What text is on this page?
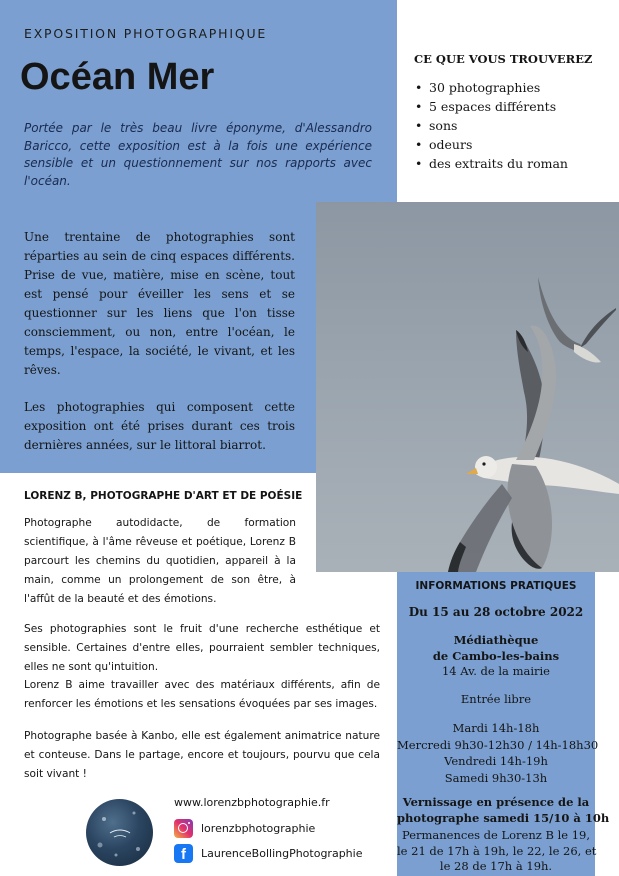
EXPOSITION PHOTOGRAPHIQUE

Océan Mer

Portée par le très beau livre éponyme, d'Alessandro Baricco, cette exposition est à la fois une expérience sensible et un questionnement sur nos rapports avec l'océan.

Une trentaine de photographies sont réparties au sein de cinq espaces différents. Prise de vue, matière, mise en scène, tout est pensé pour éveiller les sens et se questionner sur les liens que l'on tisse consciemment, ou non, entre l'océan, le temps, l'espace, la société, le vivant, et les rêves.

Les photographies qui composent cette exposition ont été prises durant ces trois dernières années, sur le littoral biarrot.

CE QUE VOUS TROUVEREZ
• 30 photographies
• 5 espaces différents
• sons
• odeurs
• des extraits du roman
LORENZ B, PHOTOGRAPHE D'ART ET DE POÉSIE

Photographe autodidacte, de formation scientifique, à l'âme rêveuse et poétique, Lorenz B parcourt les chemins du quotidien, appareil à la main, comme un prolongement de son être, à l'affût de la beauté et des émotions.

Ses photographies sont le fruit d'une recherche esthétique et sensible. Certaines d'entre elles, pourraient sembler techniques, elles ne sont qu'intuition.

Lorenz B aime travailler avec des matériaux différents, afin de renforcer les émotions et les sensations évoquées par ses images.

Photographe basée à Kanbo, elle est également animatrice nature et conteuse. Dans le partage, encore et toujours, pourvu que cela soit vivant !

www.lorenzbphotographie.fr
lorenzbphotographie
f	LaurenceBollingPhotographie

INFORMATIONS PRATIQUES

Du 15 au 28 octobre 2022

Médiathèque
de Cambo-les-bains
14 Av. de la mairie

Entrée libre

Mardi 14h-18h
Mercredi 9h30-12h30 / 14h-18h30
Vendredi 14h-19h
Samedi 9h30-13h
Vernissage en présence de la
photographe samedi 15/10 à 10h
Permanences de Lorenz B le 19,
le 21 de 17h à 19h, le 22, le 26, et
le 28 de 17h à 19h.
